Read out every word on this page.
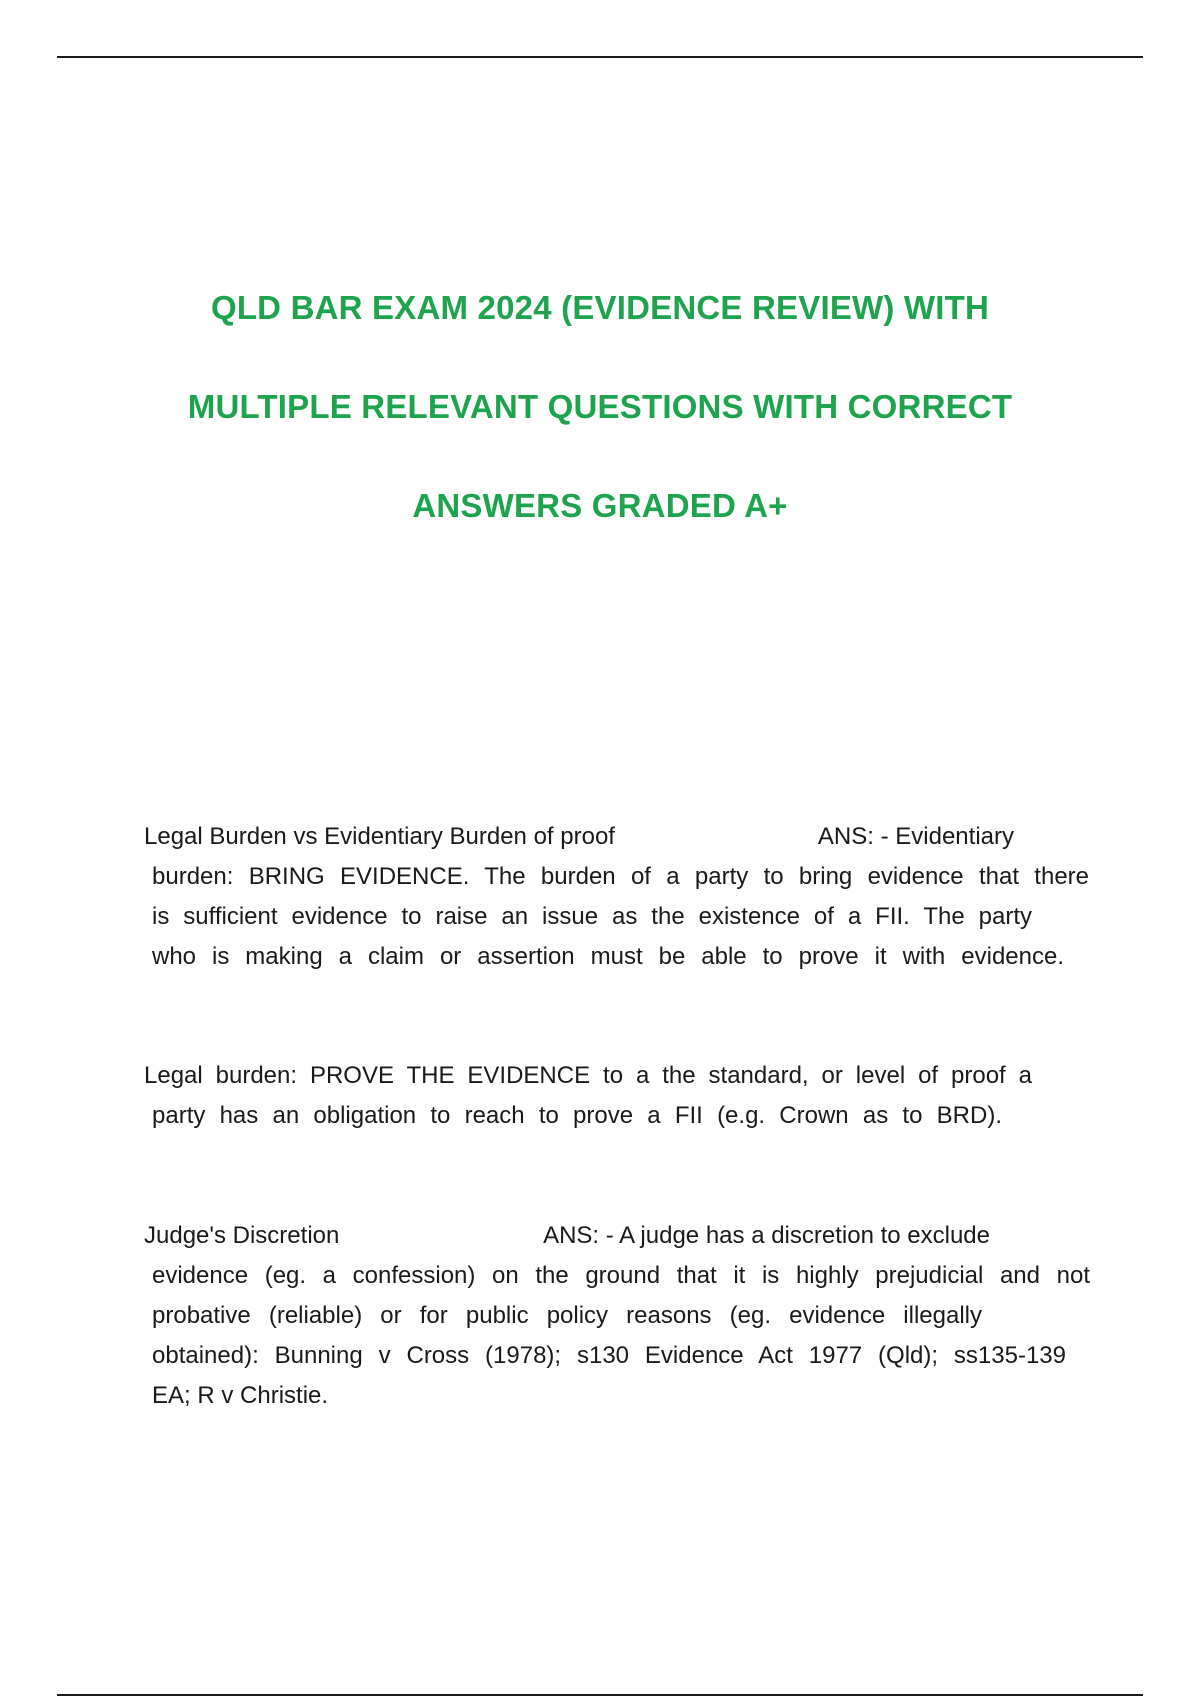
QLD BAR EXAM 2024 (EVIDENCE REVIEW) WITH
MULTIPLE RELEVANT QUESTIONS WITH CORRECT
ANSWERS GRADED A+
Legal Burden vs Evidentiary Burden of proof	ANS: - Evidentiary
burden: BRING EVIDENCE. The burden of a party to bring evidence that there
is sufficient evidence to raise an issue as the existence of a FII. The party
who is making a claim or assertion must be able to prove it with evidence.
Legal burden: PROVE THE EVIDENCE to a the standard, or level of proof a
party has an obligation to reach to prove a FII (e.g. Crown as to BRD).
Judge's Discretion	ANS: - A judge has a discretion to exclude
evidence (eg. a confession) on the ground that it is highly prejudicial and not
probative (reliable) or for public policy reasons (eg. evidence illegally
obtained): Bunning v Cross (1978); s130 Evidence Act 1977 (Qld); ss135-139
EA; R v Christie.
